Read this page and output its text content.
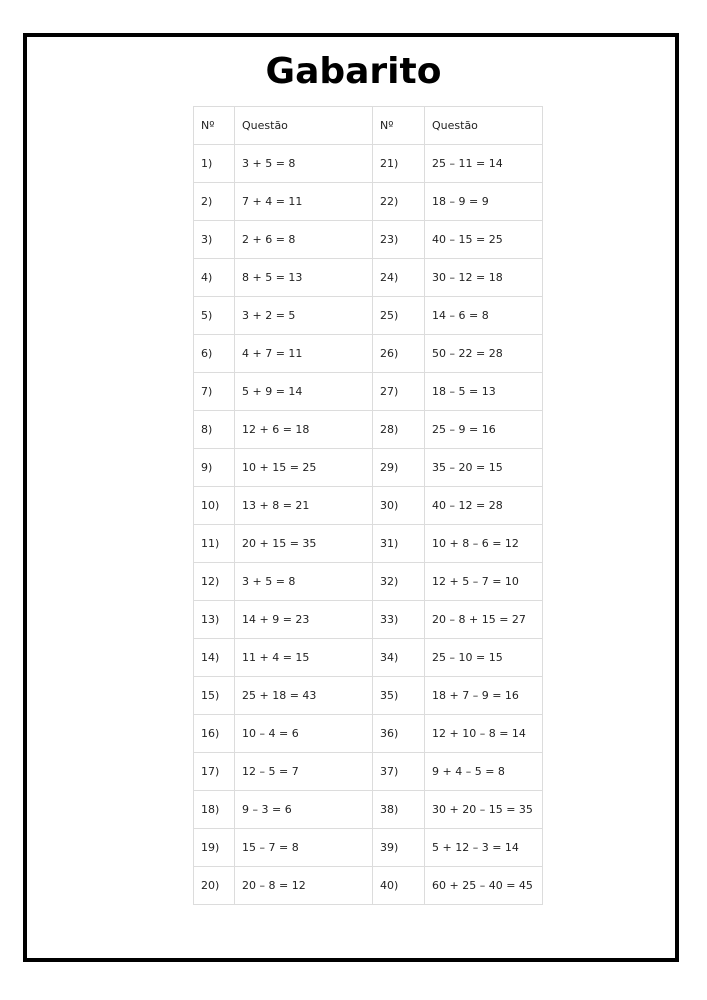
Gabarito
Nº	Questão	Nº	Questão
1)	3 + 5 = 8	21)	25 – 11 = 14
2)	7 + 4 = 11	22)	18 – 9 = 9
3)	2 + 6 = 8	23)	40 – 15 = 25
4)	8 + 5 = 13	24)	30 – 12 = 18
5)	3 + 2 = 5	25)	14 – 6 = 8
6)	4 + 7 = 11	26)	50 – 22 = 28
7)	5 + 9 = 14	27)	18 – 5 = 13
8)	12 + 6 = 18	28)	25 – 9 = 16
9)	10 + 15 = 25	29)	35 – 20 = 15
10)	13 + 8 = 21	30)	40 – 12 = 28
11)	20 + 15 = 35	31)	10 + 8 – 6 = 12
12)	3 + 5 = 8	32)	12 + 5 – 7 = 10
13)	14 + 9 = 23	33)	20 – 8 + 15 = 27
14)	11 + 4 = 15	34)	25 – 10 = 15
15)	25 + 18 = 43	35)	18 + 7 – 9 = 16
16)	10 – 4 = 6	36)	12 + 10 – 8 = 14
17)	12 – 5 = 7	37)	9 + 4 – 5 = 8
18)	9 – 3 = 6	38)	30 + 20 – 15 = 35
19)	15 – 7 = 8	39)	5 + 12 – 3 = 14
20)	20 – 8 = 12	40)	60 + 25 – 40 = 45
